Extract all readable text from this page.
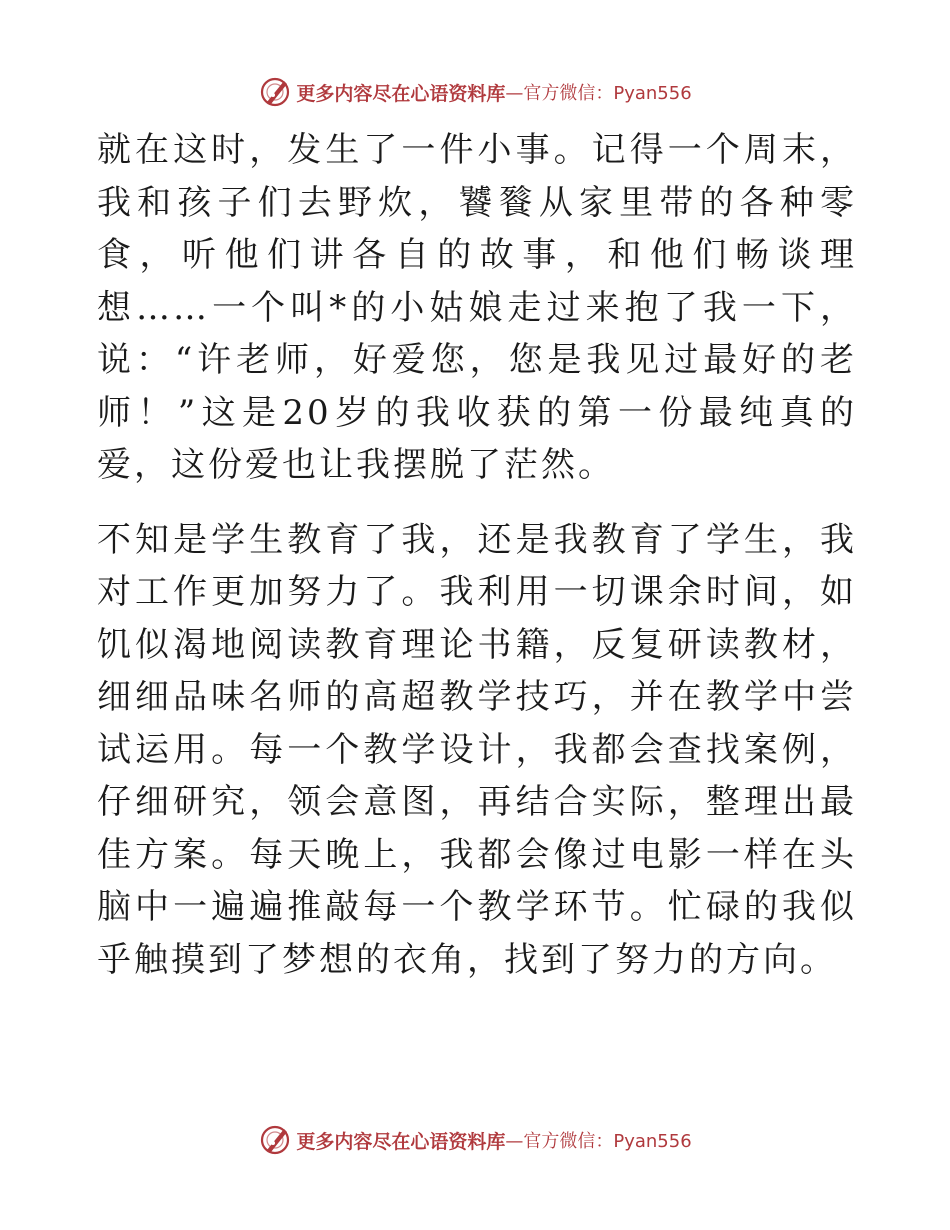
更多内容尽在心语资料库 —官方微信：Pyan556

就在这时，发生了一件小事。记得一个周末，我和孩子们去野炊，饕餮从家里带的各种零食，听他们讲各自的故事，和他们畅谈理想……一个叫*的小姑娘走过来抱了我一下，说：“许老师，好爱您，您是我见过最好的老师！”这是20岁的我收获的第一份最纯真的爱，这份爱也让我摆脱了茫然。

不知是学生教育了我，还是我教育了学生，我对工作更加努力了。我利用一切课余时间，如饥似渴地阅读教育理论书籍，反复研读教材，细细品味名师的高超教学技巧，并在教学中尝试运用。每一个教学设计，我都会查找案例，仔细研究，领会意图，再结合实际，整理出最佳方案。每天晚上，我都会像过电影一样在头脑中一遍遍推敲每一个教学环节。忙碌的我似乎触摸到了梦想的衣角，找到了努力的方向。

更多内容尽在心语资料库 —官方微信：Pyan556
